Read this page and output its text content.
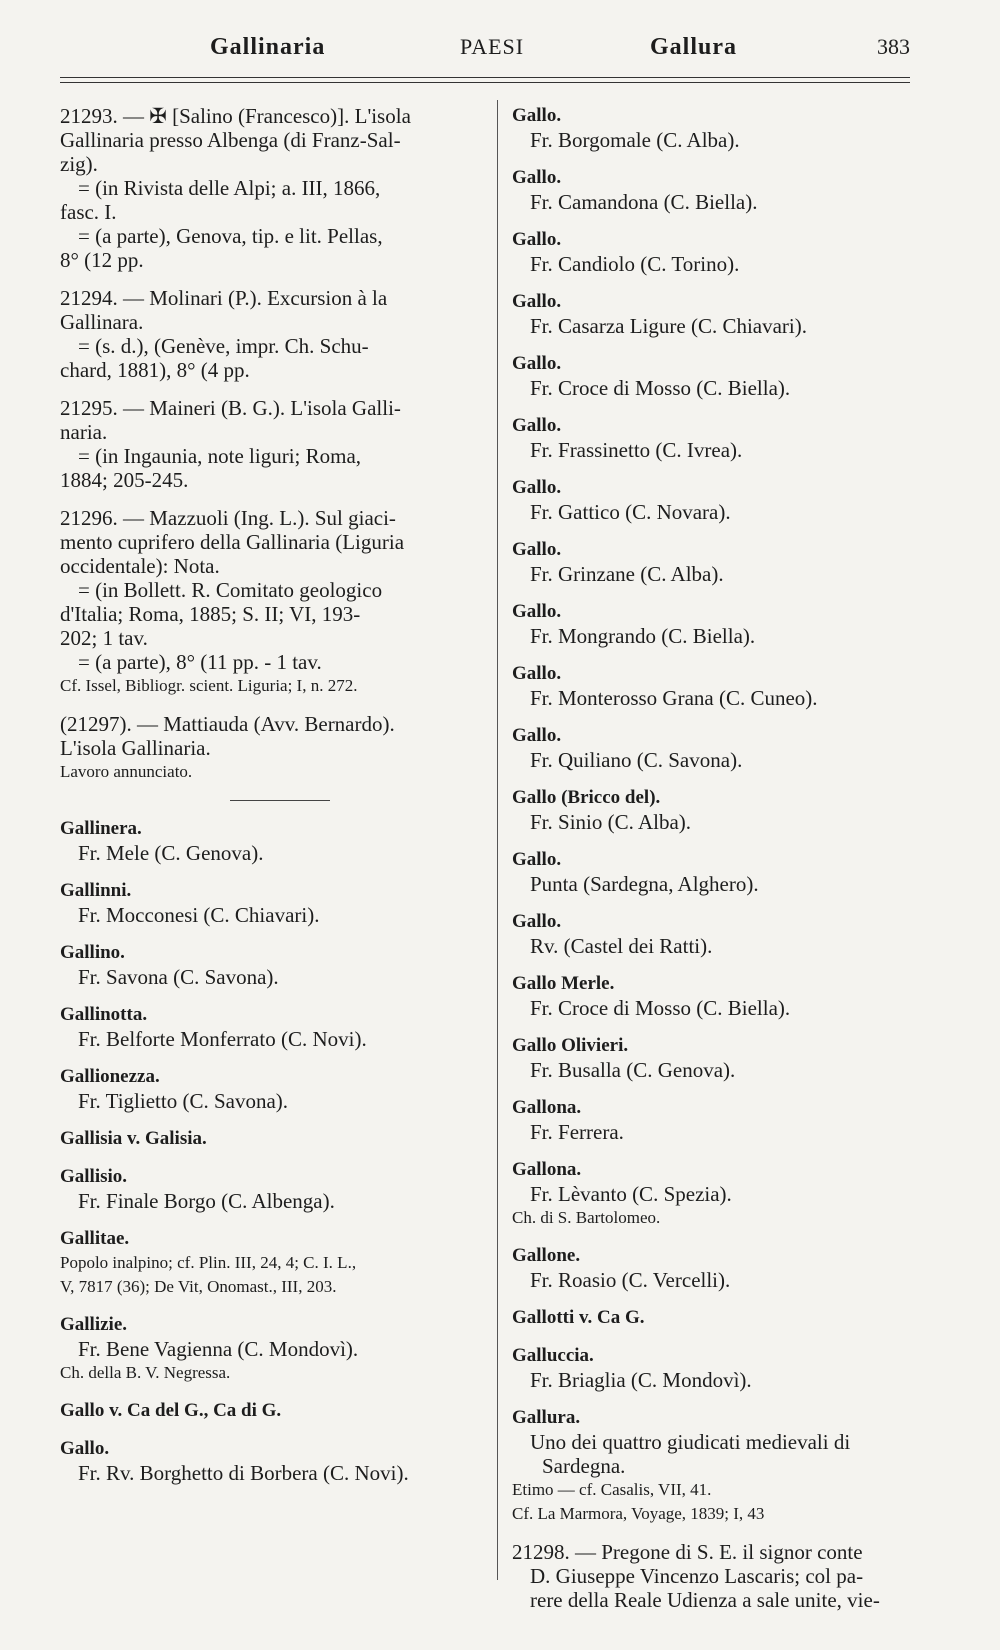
Gallinaria	PAESI	Gallura	383
21293. — ✠ [Salino (Francesco)]. L'isola
Gallinaria presso Albenga (di Franz-Sal-
zig).
= (in Rivista delle Alpi; a. III, 1866,
fasc. I.
= (a parte), Genova, tip. e lit. Pellas,
8° (12 pp.
21294. — Molinari (P.). Excursion à la
Gallinara.
= (s. d.), (Genève, impr. Ch. Schu-
chard, 1881), 8° (4 pp.
21295. — Maineri (B. G.). L'isola Galli-
naria.
= (in Ingaunia, note liguri; Roma,
1884; 205-245.
21296. — Mazzuoli (Ing. L.). Sul giaci-
mento cuprifero della Gallinaria (Liguria
occidentale): Nota.
= (in Bollett. R. Comitato geologico
d'Italia; Roma, 1885; S. II; VI, 193-
202; 1 tav.
= (a parte), 8° (11 pp. - 1 tav.
Cf. Issel, Bibliogr. scient. Liguria; I, n. 272.
(21297). — Mattiauda (Avv. Bernardo).
L'isola Gallinaria.
Lavoro annunciato.
Gallinera.
Fr. Mele (C. Genova).
Gallinni.
Fr. Mocconesi (C. Chiavari).
Gallino.
Fr. Savona (C. Savona).
Gallinotta.
Fr. Belforte Monferrato (C. Novi).
Gallionezza.
Fr. Tiglietto (C. Savona).
Gallisia v. Galisia.
Gallisio.
Fr. Finale Borgo (C. Albenga).
Gallitae.
Popolo inalpino; cf. Plin. III, 24, 4; C. I. L.,
V, 7817 (36); De Vit, Onomast., III, 203.
Gallizie.
Fr. Bene Vagienna (C. Mondovì).
Ch. della B. V. Negressa.
Gallo v. Ca del G., Ca di G.
Gallo.
Fr. Rv. Borghetto di Borbera (C. Novi).
Gallo.
Fr. Borgomale (C. Alba).
Gallo.
Fr. Camandona (C. Biella).
Gallo.
Fr. Candiolo (C. Torino).
Gallo.
Fr. Casarza Ligure (C. Chiavari).
Gallo.
Fr. Croce di Mosso (C. Biella).
Gallo.
Fr. Frassinetto (C. Ivrea).
Gallo.
Fr. Gattico (C. Novara).
Gallo.
Fr. Grinzane (C. Alba).
Gallo.
Fr. Mongrando (C. Biella).
Gallo.
Fr. Monterosso Grana (C. Cuneo).
Gallo.
Fr. Quiliano (C. Savona).
Gallo (Bricco del).
Fr. Sinio (C. Alba).
Gallo.
Punta (Sardegna, Alghero).
Gallo.
Rv. (Castel dei Ratti).
Gallo Merle.
Fr. Croce di Mosso (C. Biella).
Gallo Olivieri.
Fr. Busalla (C. Genova).
Gallona.
Fr. Ferrera.
Gallona.
Fr. Lèvanto (C. Spezia).
Ch. di S. Bartolomeo.
Gallone.
Fr. Roasio (C. Vercelli).
Gallotti v. Ca G.
Galluccia.
Fr. Briaglia (C. Mondovì).
Gallura.
Uno dei quattro giudicati medievali di
Sardegna.
Etimo — cf. Casalis, VII, 41.
Cf. La Marmora, Voyage, 1839; I, 43
21298. — Pregone di S. E. il signor conte
D. Giuseppe Vincenzo Lascaris; col pa-
rere della Reale Udienza a sale unite, vie-
